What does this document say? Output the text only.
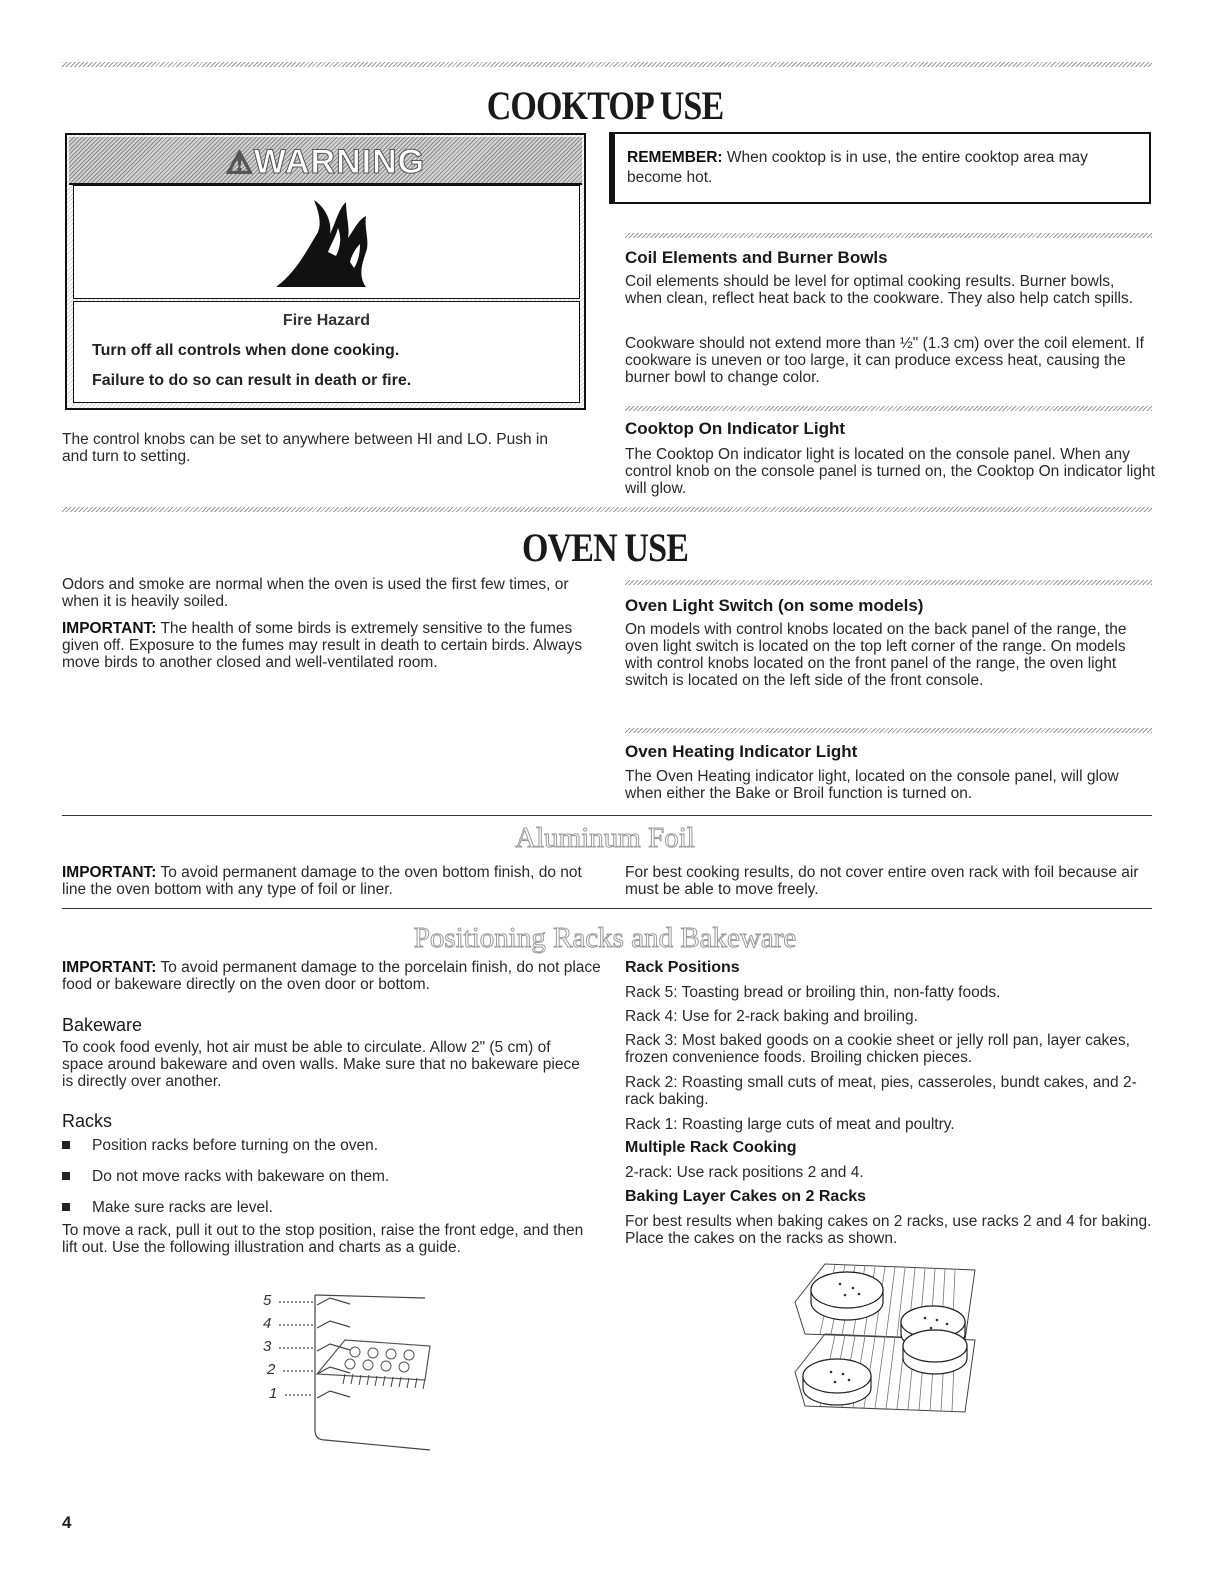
COOKTOP USE
⚠WARNING
Fire Hazard
Turn off all controls when done cooking.
Failure to do so can result in death or fire.

The control knobs can be set to anywhere between HI and LO. Push in and turn to setting.

REMEMBER: When cooktop is in use, the entire cooktop area may become hot.
Coil Elements and Burner Bowls

Coil elements should be level for optimal cooking results. Burner bowls, when clean, reflect heat back to the cookware. They also help catch spills.

Cookware should not extend more than ½" (1.3 cm) over the coil element. If cookware is uneven or too large, it can produce excess heat, causing the burner bowl to change color.

Cooktop On Indicator Light

The Cooktop On indicator light is located on the console panel. When any control knob on the console panel is turned on, the Cooktop On indicator light will glow.

OVEN USE

Odors and smoke are normal when the oven is used the first few times, or when it is heavily soiled.

IMPORTANT: The health of some birds is extremely sensitive to the fumes given off. Exposure to the fumes may result in death to certain birds. Always move birds to another closed and well-ventilated room.

Oven Light Switch (on some models)

On models with control knobs located on the back panel of the range, the oven light switch is located on the top left corner of the range. On models with control knobs located on the front panel of the range, the oven light switch is located on the left side of the front console.

Oven Heating Indicator Light

The Oven Heating indicator light, located on the console panel, will glow when either the Bake or Broil function is turned on.

Aluminum Foil

IMPORTANT: To avoid permanent damage to the oven bottom finish, do not line the oven bottom with any type of foil or liner.

For best cooking results, do not cover entire oven rack with foil because air must be able to move freely.

Positioning Racks and Bakeware

IMPORTANT: To avoid permanent damage to the porcelain finish, do not place food or bakeware directly on the oven door or bottom.

Bakeware

To cook food evenly, hot air must be able to circulate. Allow 2" (5 cm) of space around bakeware and oven walls. Make sure that no bakeware piece is directly over another.

Racks
Position racks before turning on the oven.
Do not move racks with bakeware on them.
Make sure racks are level.

To move a rack, pull it out to the stop position, raise the front edge, and then lift out. Use the following illustration and charts as a guide.

5
4
3
2
1
Rack Positions

Rack 5: Toasting bread or broiling thin, non-fatty foods.

Rack 4: Use for 2-rack baking and broiling.

Rack 3: Most baked goods on a cookie sheet or jelly roll pan, layer cakes, frozen convenience foods. Broiling chicken pieces.

Rack 2: Roasting small cuts of meat, pies, casseroles, bundt cakes, and 2-rack baking.

Rack 1: Roasting large cuts of meat and poultry.

Multiple Rack Cooking

2-rack: Use rack positions 2 and 4.

Baking Layer Cakes on 2 Racks

For best results when baking cakes on 2 racks, use racks 2 and 4 for baking. Place the cakes on the racks as shown.

4
